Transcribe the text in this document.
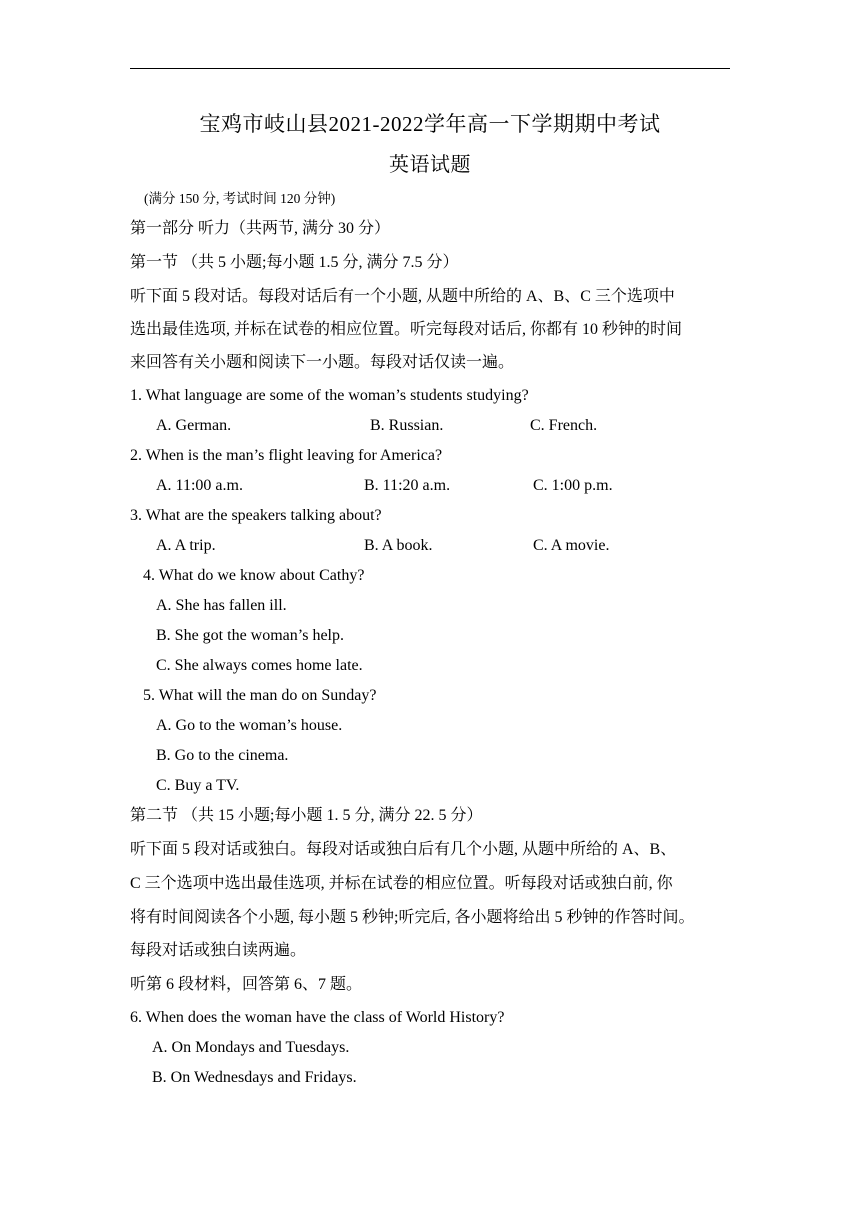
宝鸡市岐山县2021-2022学年高一下学期期中考试
英语试题
(满分 150 分, 考试时间 120 分钟)
第一部分 听力（共两节, 满分 30 分）
第一节 （共 5 小题;每小题 1.5 分, 满分 7.5 分）
听下面 5 段对话。每段对话后有一个小题, 从题中所给的 A、B、C 三个选项中
选出最佳选项, 并标在试卷的相应位置。听完每段对话后, 你都有 10 秒钟的时间
来回答有关小题和阅读下一小题。每段对话仅读一遍。
1. What language are some of the woman’s students studying?
A. German.	B. Russian.	C. French.
2. When is the man’s flight leaving for America?
A. 11:00 a.m.	B. 11:20 a.m.	C. 1:00 p.m.
3. What are the speakers talking about?
A. A trip.	B. A book.	C. A movie.
4. What do we know about Cathy?
A. She has fallen ill.
B. She got the woman’s help.
C. She always comes home late.
5. What will the man do on Sunday?
A. Go to the woman’s house.
B. Go to the cinema.
C. Buy a TV.
第二节 （共 15 小题;每小题 1. 5 分, 满分 22. 5 分）
听下面 5 段对话或独白。每段对话或独白后有几个小题, 从题中所给的 A、B、
C 三个选项中选出最佳选项, 并标在试卷的相应位置。听每段对话或独白前, 你
将有时间阅读各个小题, 每小题 5 秒钟;听完后, 各小题将给出 5 秒钟的作答时间。
每段对话或独白读两遍。
听第 6 段材料，回答第 6、7 题。
6. When does the woman have the class of World History?
A. On Mondays and Tuesdays.
B. On Wednesdays and Fridays.
